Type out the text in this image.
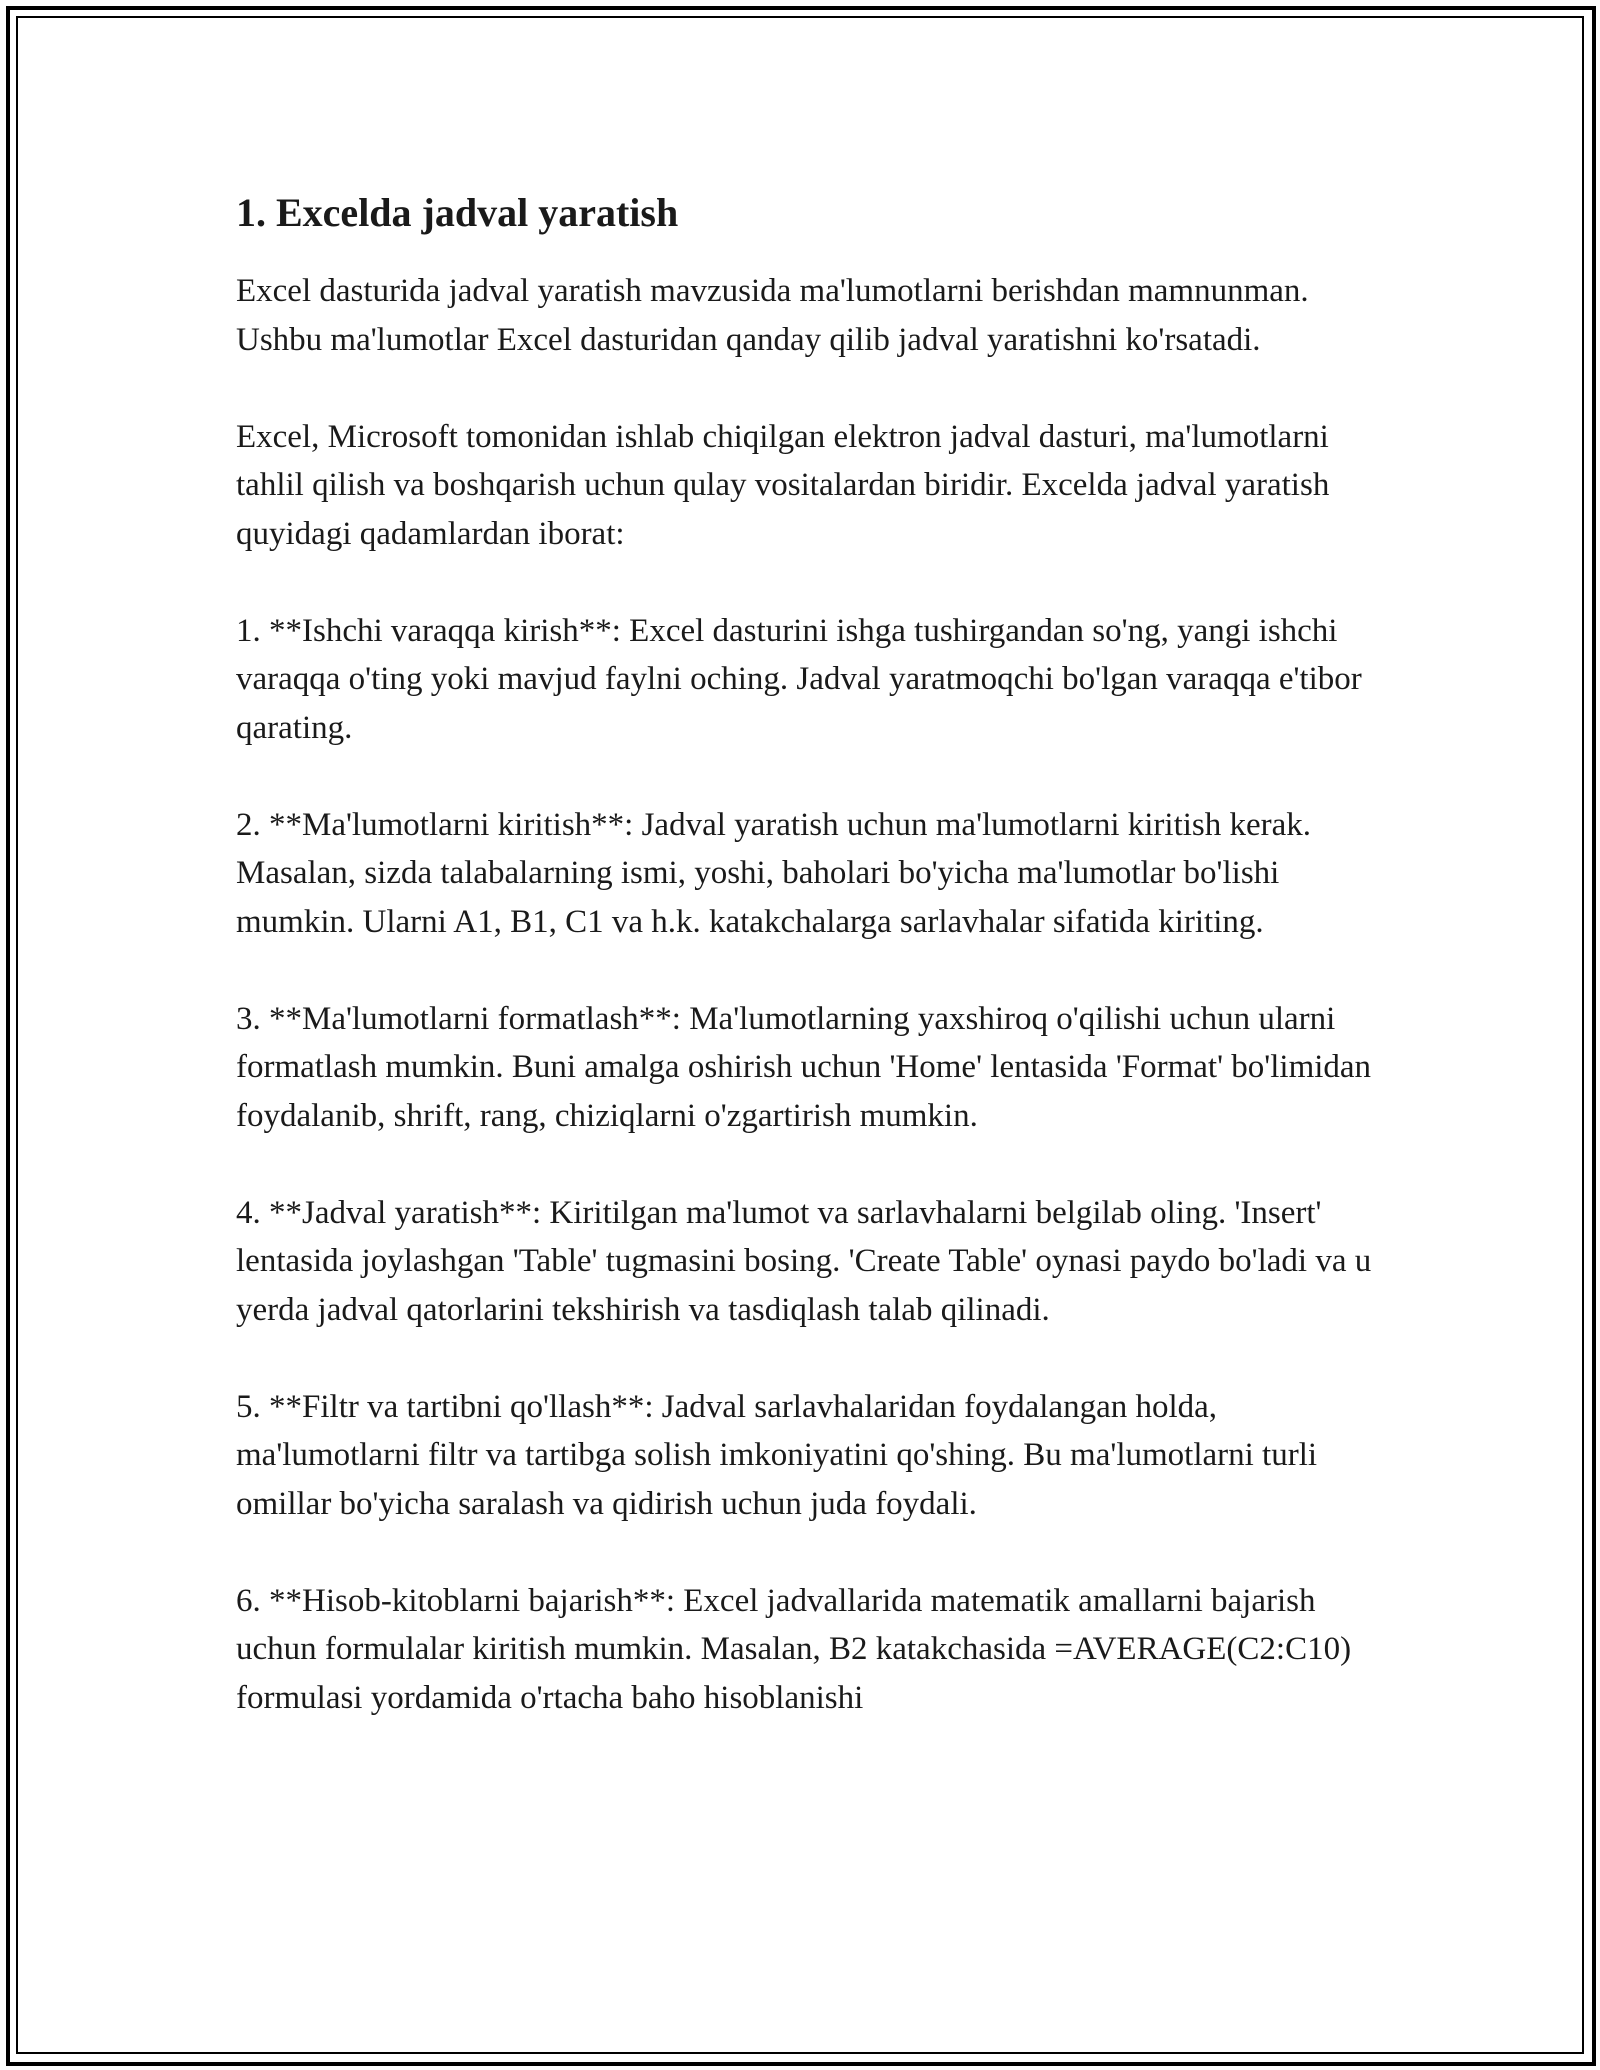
1. Excelda jadval yaratish

Excel dasturida jadval yaratish mavzusida ma'lumotlarni berishdan mamnunman. Ushbu ma'lumotlar Excel dasturidan qanday qilib jadval yaratishni ko'rsatadi.

Excel, Microsoft tomonidan ishlab chiqilgan elektron jadval dasturi, ma'lumotlarni tahlil qilish va boshqarish uchun qulay vositalardan biridir. Excelda jadval yaratish quyidagi qadamlardan iborat:

1. **Ishchi varaqqa kirish**: Excel dasturini ishga tushirgandan so'ng, yangi ishchi varaqqa o'ting yoki mavjud faylni oching. Jadval yaratmoqchi bo'lgan varaqqa e'tibor qarating.

2. **Ma'lumotlarni kiritish**: Jadval yaratish uchun ma'lumotlarni kiritish kerak. Masalan, sizda talabalarning ismi, yoshi, baholari bo'yicha ma'lumotlar bo'lishi mumkin. Ularni A1, B1, C1 va h.k. katakchalarga sarlavhalar sifatida kiriting.

3. **Ma'lumotlarni formatlash**: Ma'lumotlarning yaxshiroq o'qilishi uchun ularni formatlash mumkin. Buni amalga oshirish uchun 'Home' lentasida 'Format' bo'limidan foydalanib, shrift, rang, chiziqlarni o'zgartirish mumkin.

4. **Jadval yaratish**: Kiritilgan ma'lumot va sarlavhalarni belgilab oling. 'Insert' lentasida joylashgan 'Table' tugmasini bosing. 'Create Table' oynasi paydo bo'ladi va u yerda jadval qatorlarini tekshirish va tasdiqlash talab qilinadi.

5. **Filtr va tartibni qo'llash**: Jadval sarlavhalaridan foydalangan holda, ma'lumotlarni filtr va tartibga solish imkoniyatini qo'shing. Bu ma'lumotlarni turli omillar bo'yicha saralash va qidirish uchun juda foydali.

6. **Hisob-kitoblarni bajarish**: Excel jadvallarida matematik amallarni bajarish uchun formulalar kiritish mumkin. Masalan, B2 katakchasida =AVERAGE(C2:C10) formulasi yordamida o'rtacha baho hisoblanishi
